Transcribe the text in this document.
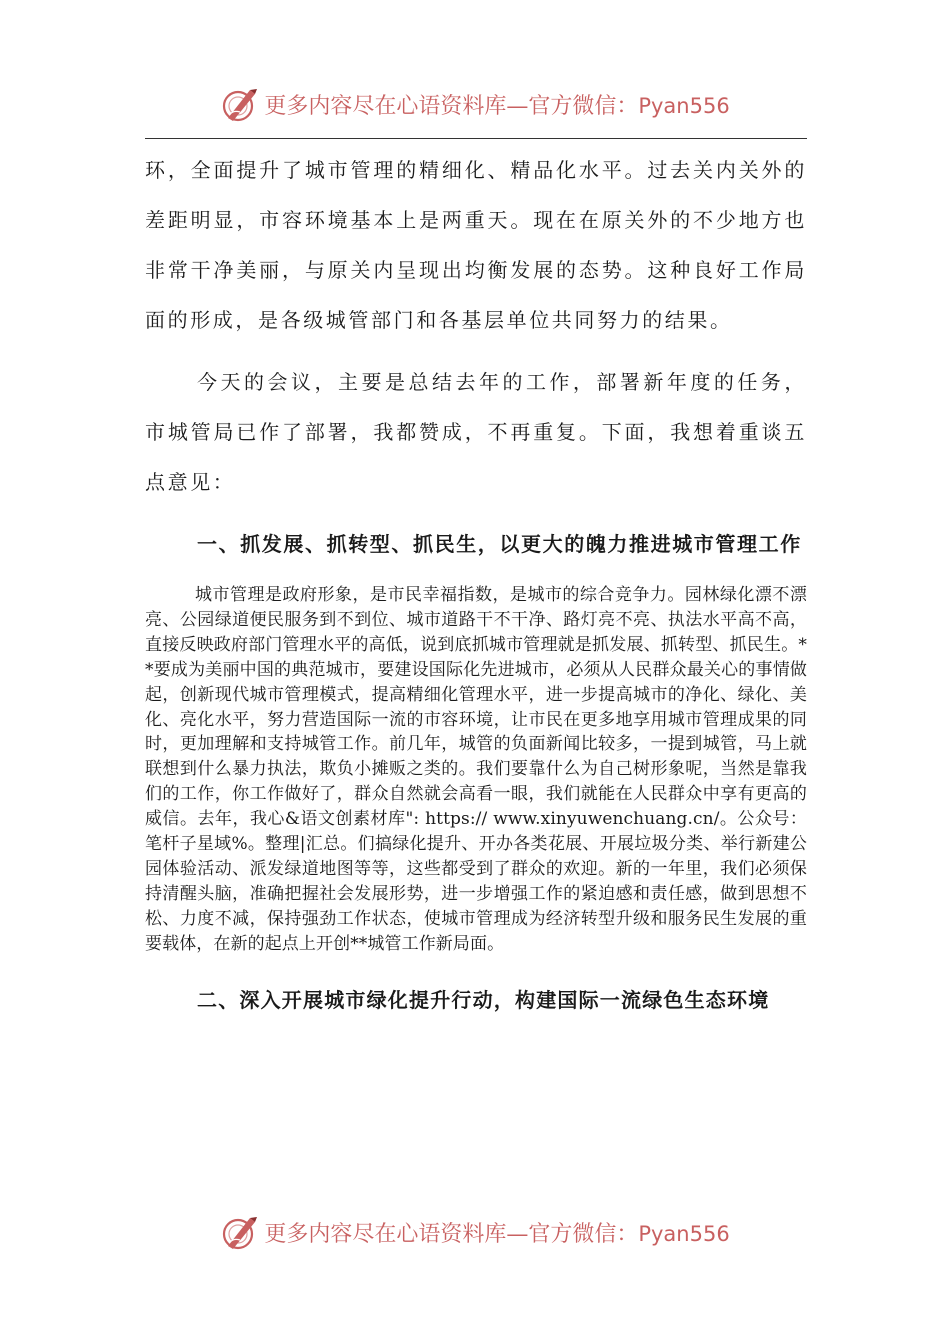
更多内容尽在心语资料库—官方微信：Pyan556

环，全面提升了城市管理的精细化、精品化水平。过去关内关外的差距明显，市容环境基本上是两重天。现在在原关外的不少地方也非常干净美丽，与原关内呈现出均衡发展的态势。这种良好工作局面的形成，是各级城管部门和各基层单位共同努力的结果。

今天的会议，主要是总结去年的工作，部署新年度的任务，市城管局已作了部署，我都赞成，不再重复。下面，我想着重谈五点意见：

一、抓发展、抓转型、抓民生，以更大的魄力推进城市管理工作

城市管理是政府形象，是市民幸福指数，是城市的综合竞争力。园林绿化漂不漂亮、公园绿道便民服务到不到位、城市道路干不干净、路灯亮不亮、执法水平高不高，直接反映政府部门管理水平的高低，说到底抓城市管理就是抓发展、抓转型、抓民生。**要成为美丽中国的典范城市，要建设国际化先进城市，必须从人民群众最关心的事情做起，创新现代城市管理模式，提高精细化管理水平，进一步提高城市的净化、绿化、美化、亮化水平，努力营造国际一流的市容环境，让市民在更多地享用城市管理成果的同时，更加理解和支持城管工作。前几年，城管的负面新闻比较多，一提到城管，马上就联想到什么暴力执法，欺负小摊贩之类的。我们要靠什么为自己树形象呢，当然是靠我们的工作，你工作做好了，群众自然就会高看一眼，我们就能在人民群众中享有更高的威信。去年，我心&语文创素材库": https:// www.xinyuwenchuang.cn/。公众号：笔杆子星域%。整理|汇总。们搞绿化提升、开办各类花展、开展垃圾分类、举行新建公园体验活动、派发绿道地图等等，这些都受到了群众的欢迎。新的一年里，我们必须保持清醒头脑，准确把握社会发展形势，进一步增强工作的紧迫感和责任感，做到思想不松、力度不减，保持强劲工作状态，使城市管理成为经济转型升级和服务民生发展的重要载体，在新的起点上开创**城管工作新局面。

二、深入开展城市绿化提升行动，构建国际一流绿色生态环境

更多内容尽在心语资料库—官方微信：Pyan556
